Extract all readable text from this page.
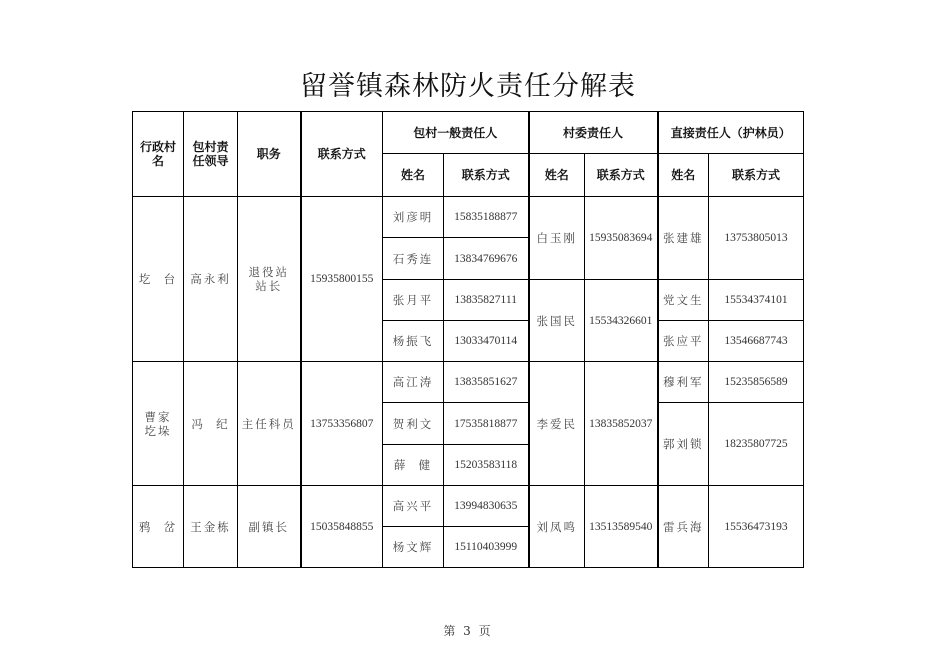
留誉镇森林防火责任分解表
行政村名	包村责任领导	职务	联系方式	包村一般责任人		村委责任人		直接责任人（护林员）	
				姓名	联系方式	姓名	联系方式	姓名	联系方式
圪  台	高永利	退役站站长	15935800155	刘彦明	15835188877	白玉刚	15935083694	张建雄	13753805013
				石秀连	13834769676				
				张月平	13835827111	张国民	15534326601	党文生	15534374101
				杨振飞	13033470114			张应平	13546687743

曹家圪垛	冯  纪	主任科员	13753356807	高江涛	13835851627	李爱民	13835852037	穆利军	15235856589
				贺利文	17535818877			郭刘锁	18235807725
				薛  健	15203583118				
鸦  岔	王金栋	副镇长	15035848855	高兴平	13994830635	刘凤鸣	13513589540	雷兵海	15536473193
				杨文辉	15110403999				
第 3 页
